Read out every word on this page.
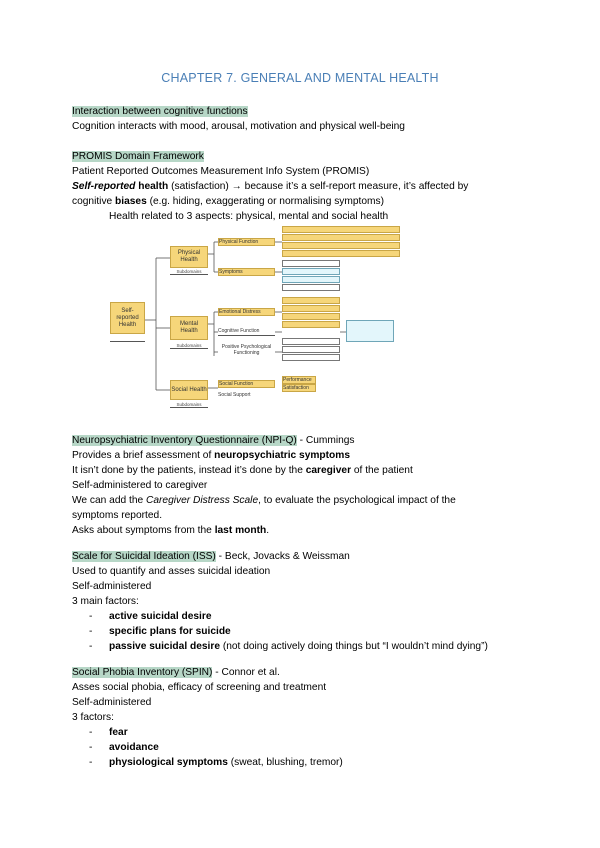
CHAPTER 7. GENERAL AND MENTAL HEALTH
Interaction between cognitive functions
Cognition interacts with mood, arousal, motivation and physical well-being
PROMIS Domain Framework
Patient Reported Outcomes Measurement Info System (PROMIS)
Self-reported health (satisfaction) → because it’s a self-report measure, it’s affected by
cognitive biases (e.g. hiding, exaggerating or normalising symptoms)
Health related to 3 aspects: physical, mental and social health
Self-reported Health
Physical Health
Subdomains
Mental Health
Subdomains
Social Health
Subdomains
Physical Function
Symptoms
Emotional Distress
Cognitive Function
Positive Psychological Functioning
Social Function
Social Support
Performance
Satisfaction
Neuropsychiatric Inventory Questionnaire (NPI-Q) - Cummings
Provides a brief assessment of neuropsychiatric symptoms
It isn’t done by the patients, instead it’s done by the caregiver of the patient
Self-administered to caregiver
We can add the Caregiver Distress Scale, to evaluate the psychological impact of the
symptoms reported.
Asks about symptoms from the last month.
Scale for Suicidal Ideation (ISS) - Beck, Jovacks & Weissman
Used to quantify and asses suicidal ideation
Self-administered
3 main factors:
- active suicidal desire
- specific plans for suicide
- passive suicidal desire (not doing actively doing things but “I wouldn’t mind dying”)
Social Phobia Inventory (SPIN) - Connor et al.
Asses social phobia, efficacy of screening and treatment
Self-administered
3 factors:
- fear
- avoidance
- physiological symptoms (sweat, blushing, tremor)
